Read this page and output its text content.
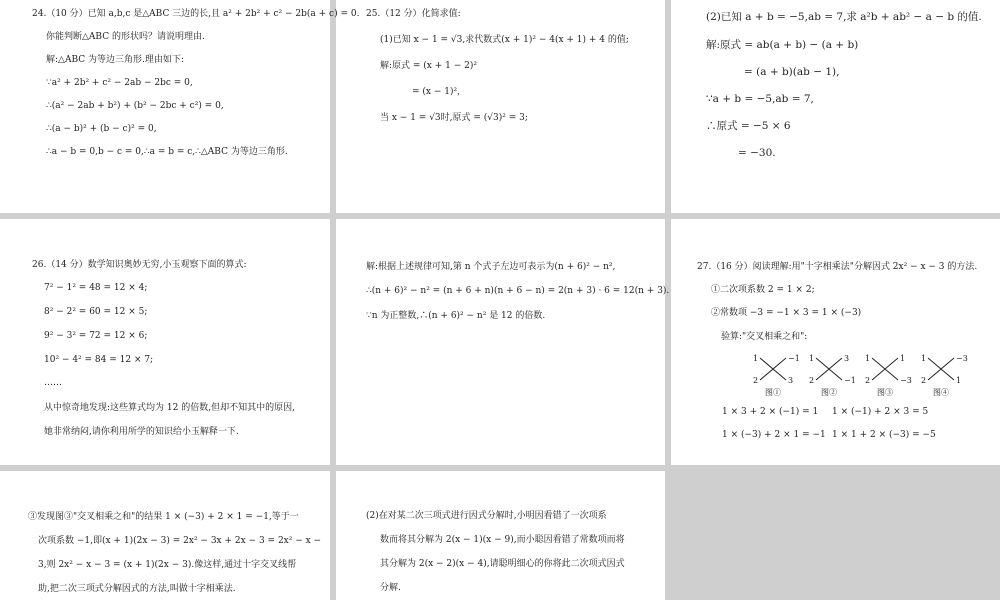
24.（10 分）已知 a,b,c 是△ABC 三边的长,且 a² + 2b² + c² − 2b(a + c) = 0.
你能判断△ABC 的形状吗？请说明理由.
解:△ABC 为等边三角形.理由如下:
∵a² + 2b² + c² − 2ab − 2bc = 0,
∴(a² − 2ab + b²) + (b² − 2bc + c²) = 0,
∴(a − b)² + (b − c)² = 0,
∴a − b = 0,b − c = 0,∴a = b = c,∴△ABC 为等边三角形.
25.（12 分）化简求值:
(1)已知 x − 1 = √3,求代数式(x + 1)² − 4(x + 1) + 4 的值;
解:原式 = (x + 1 − 2)²
= (x − 1)²,
当 x − 1 = √3时,原式 = (√3)² = 3;
(2)已知 a + b = −5,ab = 7,求 a²b + ab² − a − b 的值.
解:原式 = ab(a + b) − (a + b)
= (a + b)(ab − 1),
∵a + b = −5,ab = 7,
∴原式 = −5 × 6
= −30.
26.（14 分）数学知识奥妙无穷,小玉观察下面的算式:
7² − 1² = 48 = 12 × 4;
8² − 2² = 60 = 12 × 5;
9² − 3² = 72 = 12 × 6;
10² − 4² = 84 = 12 × 7;
……
从中惊奇地发现:这些算式均为 12 的倍数,但却不知其中的原因,
她非常纳闷,请你利用所学的知识给小玉解释一下.
解:根据上述规律可知,第 n 个式子左边可表示为(n + 6)² − n²,
∴(n + 6)² − n² = (n + 6 + n)(n + 6 − n) = 2(n + 3) · 6 = 12(n + 3).
∵n 为正整数,∴(n + 6)² − n² 是 12 的倍数.
27.（16 分）阅读理解:用"十字相乘法"分解因式 2x² − x − 3 的方法.
①二次项系数 2 = 1 × 2;
②常数项 −3 = −1 × 3 = 1 × (−3)
验算:"交叉相乘之和":
1	−1
2	3
图①
1	3
2	−1
图②
1	1
2	−3
图③
1	−3
2	1
图④
1 × 3 + 2 × (−1) = 1 1 × (−1) + 2 × 3 = 5
1 × (−3) + 2 × 1 = −1 1 × 1 + 2 × (−3) = −5
③发现图③"交叉相乘之和"的结果 1 × (−3) + 2 × 1 = −1,等于一
次项系数 −1,即(x + 1)(2x − 3) = 2x² − 3x + 2x − 3 = 2x² − x −
3,则 2x² − x − 3 = (x + 1)(2x − 3).像这样,通过十字交叉线帮
助,把二次三项式分解因式的方法,叫做十字相乘法.
(2)在对某二次三项式进行因式分解时,小明因看错了一次项系
数而将其分解为 2(x − 1)(x − 9),而小聪因看错了常数项而将
其分解为 2(x − 2)(x − 4),请聪明细心的你将此二次项式因式
分解.
